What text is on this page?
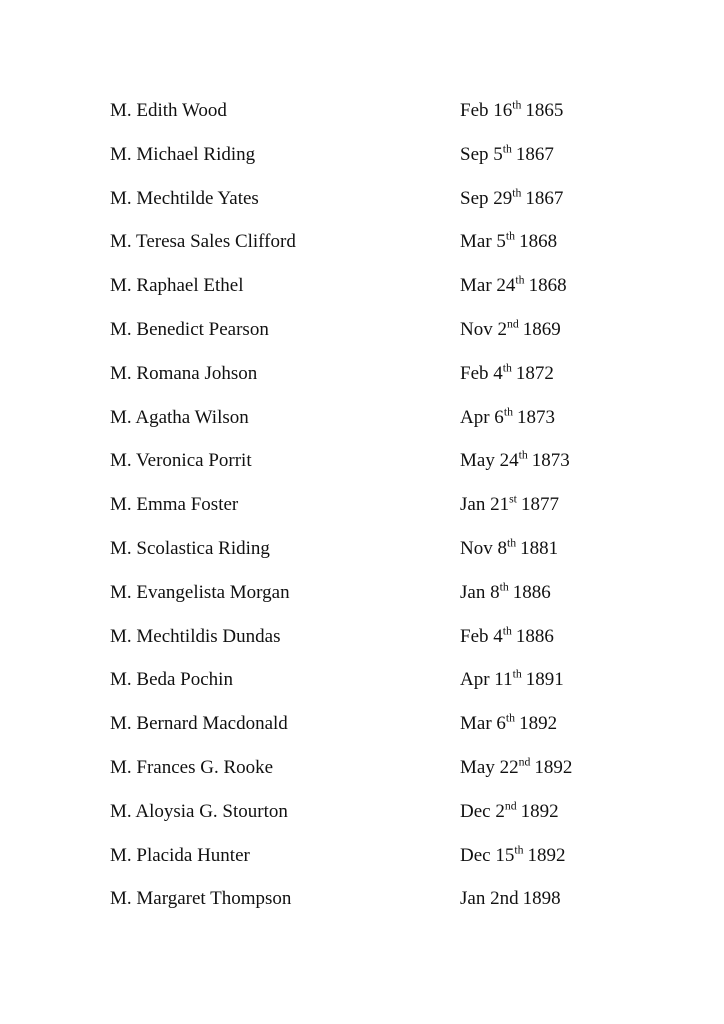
M. Edith Wood	Feb 16th 1865
M. Michael Riding	Sep 5th 1867
M. Mechtilde Yates	Sep 29th 1867
M. Teresa Sales Clifford	Mar 5th 1868
M. Raphael Ethel	Mar 24th 1868
M. Benedict Pearson	Nov 2nd 1869
M. Romana Johson	Feb 4th 1872
M. Agatha Wilson	Apr 6th 1873
M. Veronica Porrit	May 24th 1873
M. Emma Foster	Jan 21st 1877
M. Scolastica Riding	Nov 8th 1881
M. Evangelista Morgan	Jan 8th 1886
M. Mechtildis Dundas	Feb 4th 1886
M. Beda Pochin	Apr 11th 1891
M. Bernard Macdonald	Mar 6th 1892
M. Frances G. Rooke	May 22nd 1892
M. Aloysia G. Stourton	Dec 2nd 1892
M. Placida Hunter	Dec 15th 1892
M. Margaret Thompson	Jan 2nd 1898
